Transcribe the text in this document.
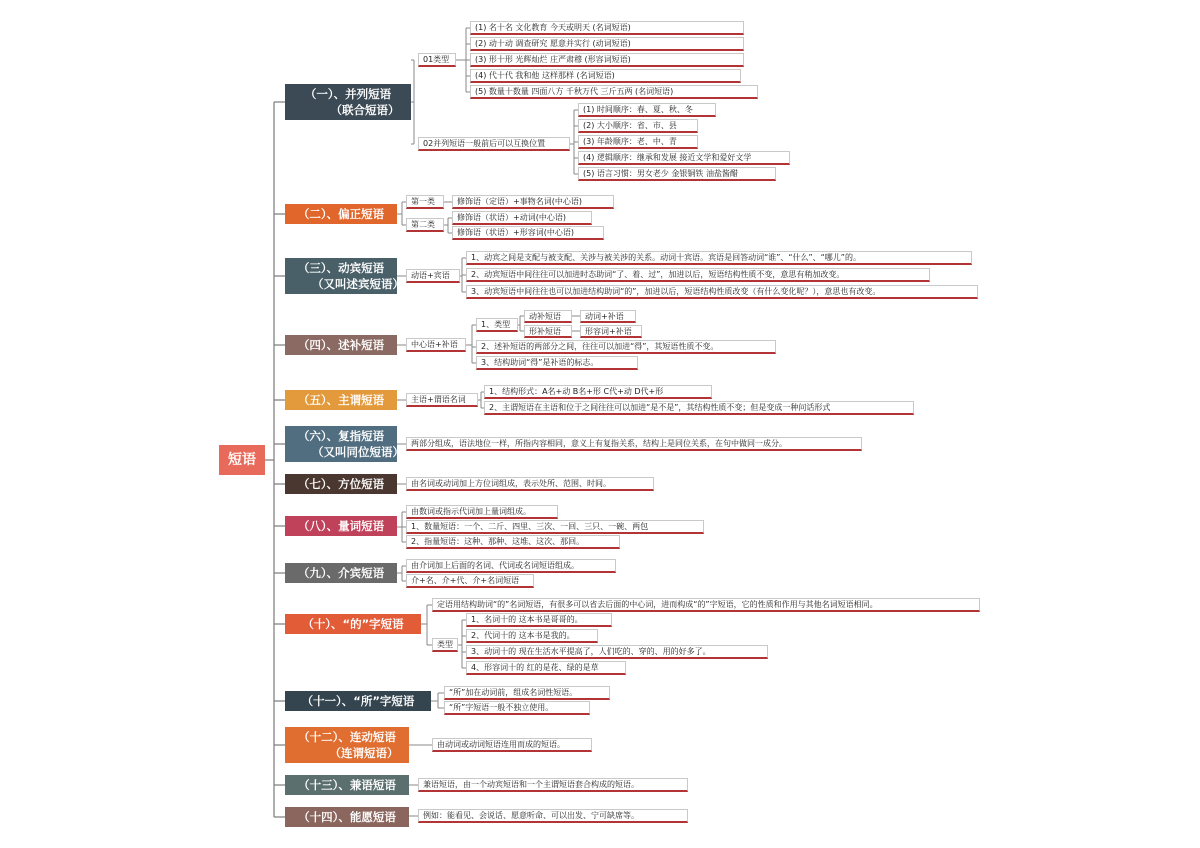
短语
（一）、并列短语
（联合短语）
（二）、偏正短语
（三）、动宾短语
（又叫述宾短语）
（四）、述补短语
（五）、主谓短语
（六）、复指短语
（又叫同位短语）
（七）、方位短语
（八）、量词短语
（九）、介宾短语
（十）、“的”字短语
（十一）、“所”字短语
（十二）、连动短语
（连谓短语）
（十三）、兼语短语
（十四）、能愿短语
01类型
02并列短语一般前后可以互换位置
(1) 名十名 文化教育 今天或明天 (名词短语)
(2) 动十动 调查研究 愿意并实行 (动词短语)
(3) 形十形 光辉灿烂 庄严肃穆 (形容词短语)
(4) 代十代 我和他 这样那样 (名词短语)
(5) 数量十数量 四面八方 千秋万代 三斤五两 (名词短语)
(1) 时间顺序：春、夏、秋、冬
(2) 大小顺序：省、市、县
(3) 年龄顺序：老、中、青
(4) 逻辑顺序：继承和发展 接近文学和爱好文学
(5) 语言习惯：男女老少 金银铜铁 油盐酱醋
第一类
第二类
修饰语（定语）+事物名词(中心语)
修饰语（状语）+动词(中心语)
修饰语（状语）+形容词(中心语)
动语+宾语
1、动宾之间是支配与被支配、关涉与被关涉的关系。动词十宾语。宾语是回答动词“谁”、“什么”、“哪儿”的。
2、动宾短语中间往往可以加进时态助词“了、着、过”，加进以后，短语结构性质不变，意思有稍加改变。
3、动宾短语中间往往也可以加进结构助词“的”，加进以后，短语结构性质改变（有什么变化呢？），意思也有改变。
中心语+补语
1、类型
动补短语
形补短语
动词+补语
形容词+补语
2、述补短语的两部分之间，往往可以加进“得”，其短语性质不变。
3、结构助词“得”是补语的标志。
主语+谓语名词
1、结构形式：A名+动 B名+形 C代+动 D代+形
2、主谓短语在主语和位于之间往往可以加进“是不是”，其结构性质不变；但是变成一种问话形式
两部分组成，语法地位一样，所指内容相同，意义上有复指关系，结构上是同位关系，在句中做同一成分。
由名词或动词加上方位词组成，表示处所、范围、时间。
由数词或指示代词加上量词组成。
1、数量短语：一个、二斤、四里、三次、一回、三只、一碗、两包
2、指量短语：这种、那种、这堆、这次、那回。
由介词加上后面的名词、代词或名词短语组成。
介+名、介+代、介+名词短语
定语用结构助词“的”名词短语，有很多可以省去后面的中心词，进而构成“的”字短语，它的性质和作用与其他名词短语相同。
类型
1、名词十的 这本书是哥哥的。
2、代词十的 这本书是我的。
3、动词十的 现在生活水平提高了，人们吃的、穿的、用的好多了。
4、形容词十的 红的是花、绿的是草
“所”加在动词前，组成名词性短语。
“所”字短语一般不独立使用。
由动词或动词短语连用而成的短语。
兼语短语，由一个动宾短语和一个主谓短语套合构成的短语。
例如：能看见、会说话、愿意听命、可以出发、宁可缺席等。
